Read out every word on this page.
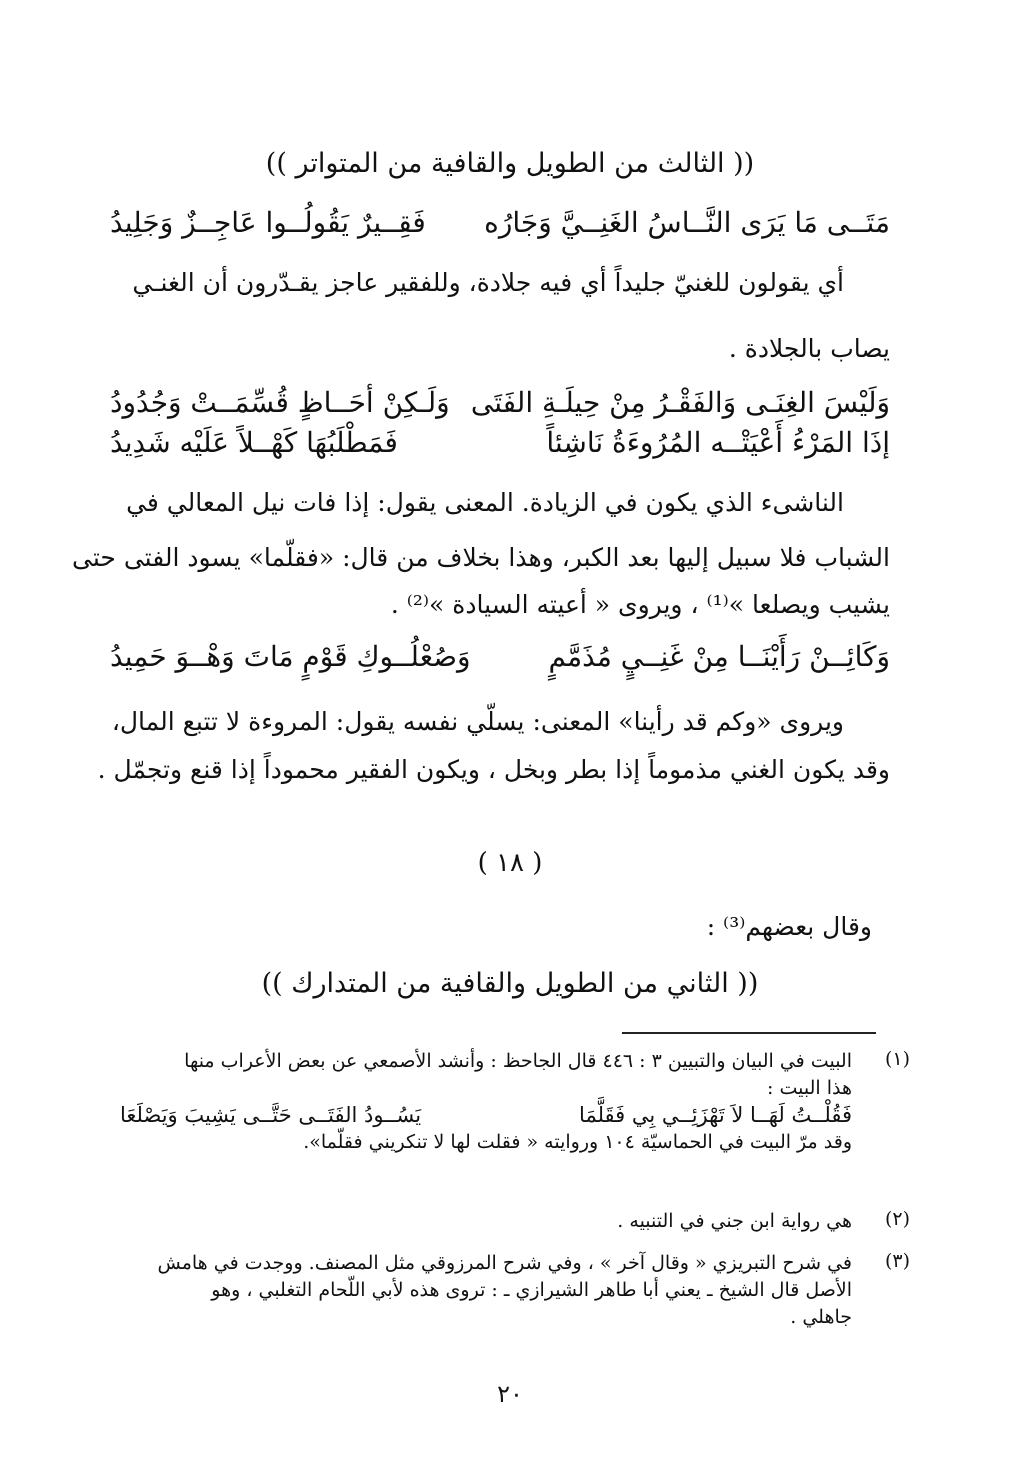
(( الثالث من الطويل والقافية من المتواتر ))
مَتَــى مَا يَرَى النَّــاسُ الغَنِــيَّ وَجَارُه
فَقِــيرٌ يَقُولُــوا عَاجِــزٌ وَجَلِيدُ
أي يقولون للغنيّ جليداً أي فيه جلادة، وللفقير عاجز يقـدّرون أن الغنـي
يصاب بالجلادة .
وَلَيْسَ الغِنَـى وَالفَقْـرُ مِنْ حِيلَـةِ الفَتَى
وَلَـكِنْ أحَــاظٍ قُسِّمَــتْ وَجُدُودُ
إذَا المَرْءُ أَعْيَتْــه المُرُوءَةُ نَاشِئاً
فَمَطْلَبُهَا كَهْــلاً عَلَيْه شَدِيدُ
الناشىء الذي يكون في الزيادة. المعنى يقول: إذا فات نيل المعالي في
الشباب فلا سبيل إليها بعد الكبر، وهذا بخلاف من قال: «فقلّما» يسود الفتى حتى
يشيب ويصلعا »⁽¹⁾ ، ويروى « أعيته السيادة »⁽²⁾ .
وَكَائِــنْ رَأَيْنَــا مِنْ غَنِــيٍ مُذَمَّمٍ
وَصُعْلُــوكِ قَوْمٍ مَاتَ وَهْــوَ حَمِيدُ
ويروى «وكم قد رأينا» المعنى: يسلّي نفسه يقول: المروءة لا تتبع المال،
وقد يكون الغني مذموماً إذا بطر وبخل ، ويكون الفقير محموداً إذا قنع وتجمّل .
( ١٨ )
وقال بعضهم⁽³⁾ :
(( الثاني من الطويل والقافية من المتدارك ))
(١)
البيت في البيان والتبيين ٣ : ٤٤٦ قال الجاحظ : وأنشد الأصمعي عن بعض الأعراب منها
هذا البيت :
فَقُلْــتُ لَهَــا لاَ تَهْزَئِــي بِي فَقَلَّمَا
يَسُــودُ الفَتَــى حَتَّــى يَشِيبَ وَيَصْلَعَا
وقد مرّ البيت في الحماسيّة ١٠٤ وروايته « فقلت لها لا تنكريني فقلّما».
(٢)
هي رواية ابن جني في التنبيه .
(٣)
في شرح التبريزي « وقال آخر » ، وفي شرح المرزوقي مثل المصنف. ووجدت في هامش
الأصل قال الشيخ ـ يعني أبا طاهر الشيرازي ـ : تروى هذه لأبي اللّحام التغلبي ، وهو
جاهلي .
٢٠
